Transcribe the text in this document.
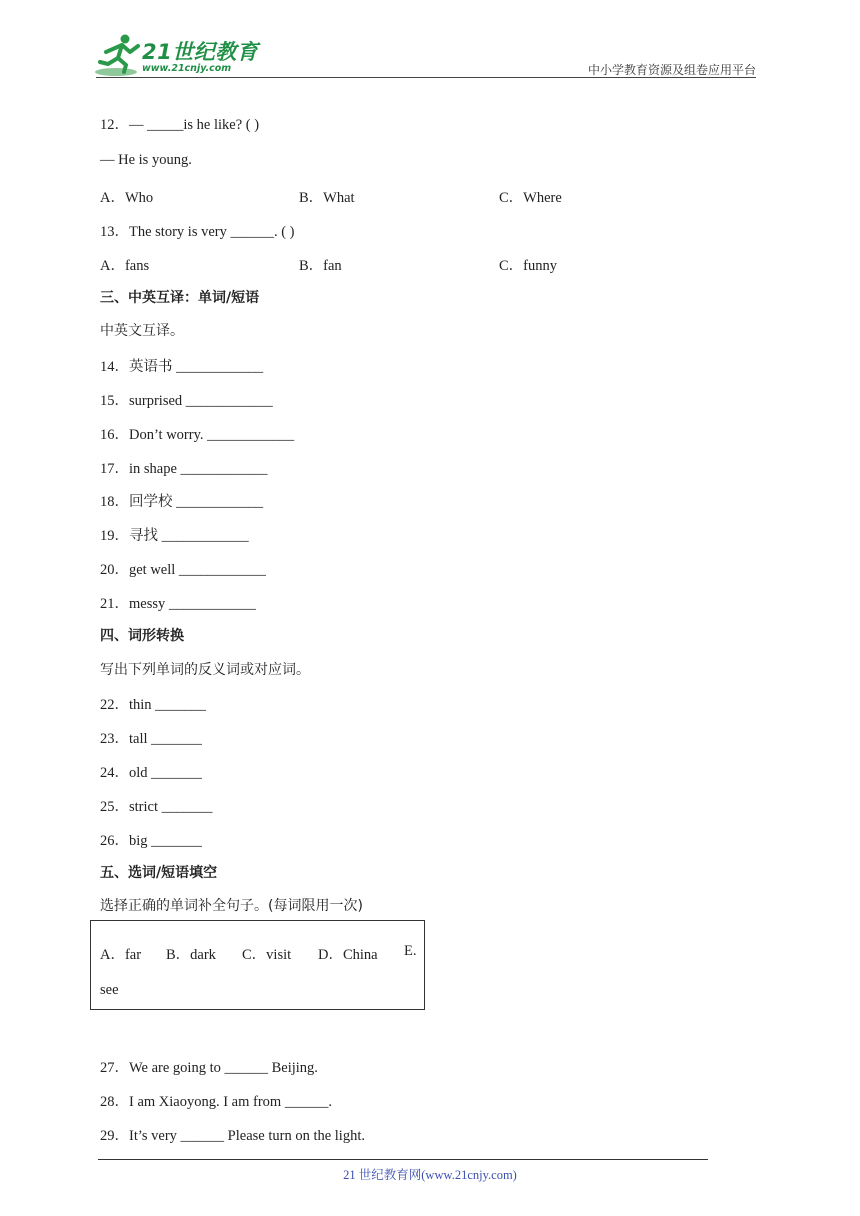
21世纪教育
www.21cnjy.com	中小学教育资源及组卷应用平台
12．— _____is he like? ( )
— He is young.
A．Who	B．What	C．Where
13．The story is very ______. ( )
A．fans	B．fan	C．funny
三、中英互译：单词/短语
中英文互译。
14．英语书 ____________
15．surprised ____________
16．Don’t worry. ____________
17．in shape ____________
18．回学校 ____________
19．寻找 ____________
20．get well ____________
21．messy ____________
四、词形转换
写出下列单词的反义词或对应词。
22．thin _______
23．tall _______
24．old _______
25．strict _______
26．big _______
五、选词/短语填空
选择正确的单词补全句子。(每词限用一次)
A．far B．dark C．visit D．China E.
see
27．We are going to ______ Beijing.
28．I am Xiaoyong. I am from ______.
29．It’s very ______ Please turn on the light.
21 世纪教育网(www.21cnjy.com)
